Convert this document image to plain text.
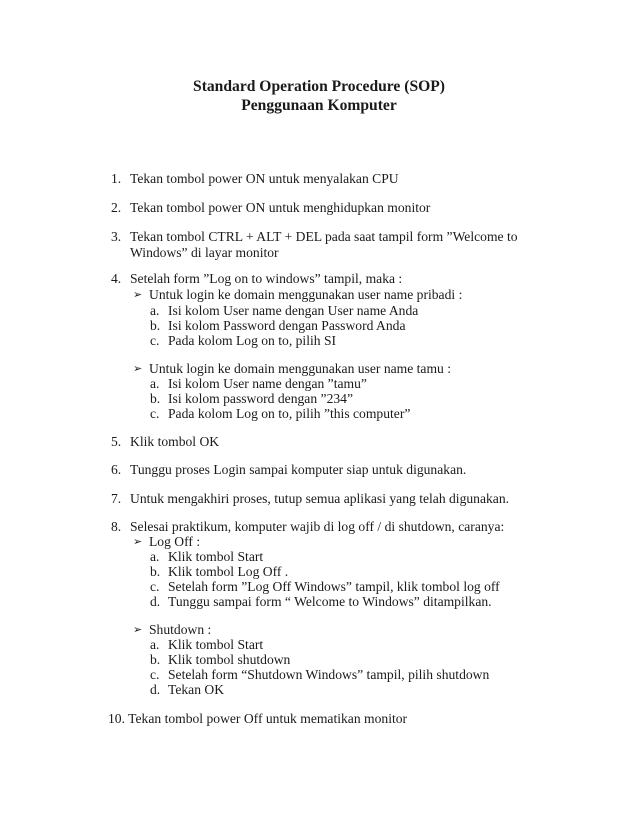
Standard Operation Procedure (SOP)
Penggunaan Komputer
1. Tekan tombol power ON untuk menyalakan CPU
2. Tekan tombol power ON untuk menghidupkan monitor
3. Tekan tombol CTRL + ALT + DEL pada saat tampil form ”Welcome to
Windows” di layar monitor
4. Setelah form ”Log on to windows” tampil, maka :
➢ Untuk login ke domain menggunakan user name pribadi :
a. Isi kolom User name dengan User name Anda
b. Isi kolom Password dengan Password Anda
c. Pada kolom Log on to, pilih SI
➢ Untuk login ke domain menggunakan user name tamu :
a. Isi kolom User name dengan ”tamu”
b. Isi kolom password dengan ”234”
c. Pada kolom Log on to, pilih ”this computer”
5. Klik tombol OK
6. Tunggu proses Login sampai komputer siap untuk digunakan.
7. Untuk mengakhiri proses, tutup semua aplikasi yang telah digunakan.
8. Selesai praktikum, komputer wajib di log off / di shutdown, caranya:
➢ Log Off :
a. Klik tombol Start
b. Klik tombol Log Off .
c. Setelah form ”Log Off Windows” tampil, klik tombol log off
d. Tunggu sampai form “ Welcome to Windows” ditampilkan.
➢ Shutdown :
a. Klik tombol Start
b. Klik tombol shutdown
c. Setelah form “Shutdown Windows” tampil, pilih shutdown
d. Tekan OK
10. Tekan tombol power Off untuk mematikan monitor
